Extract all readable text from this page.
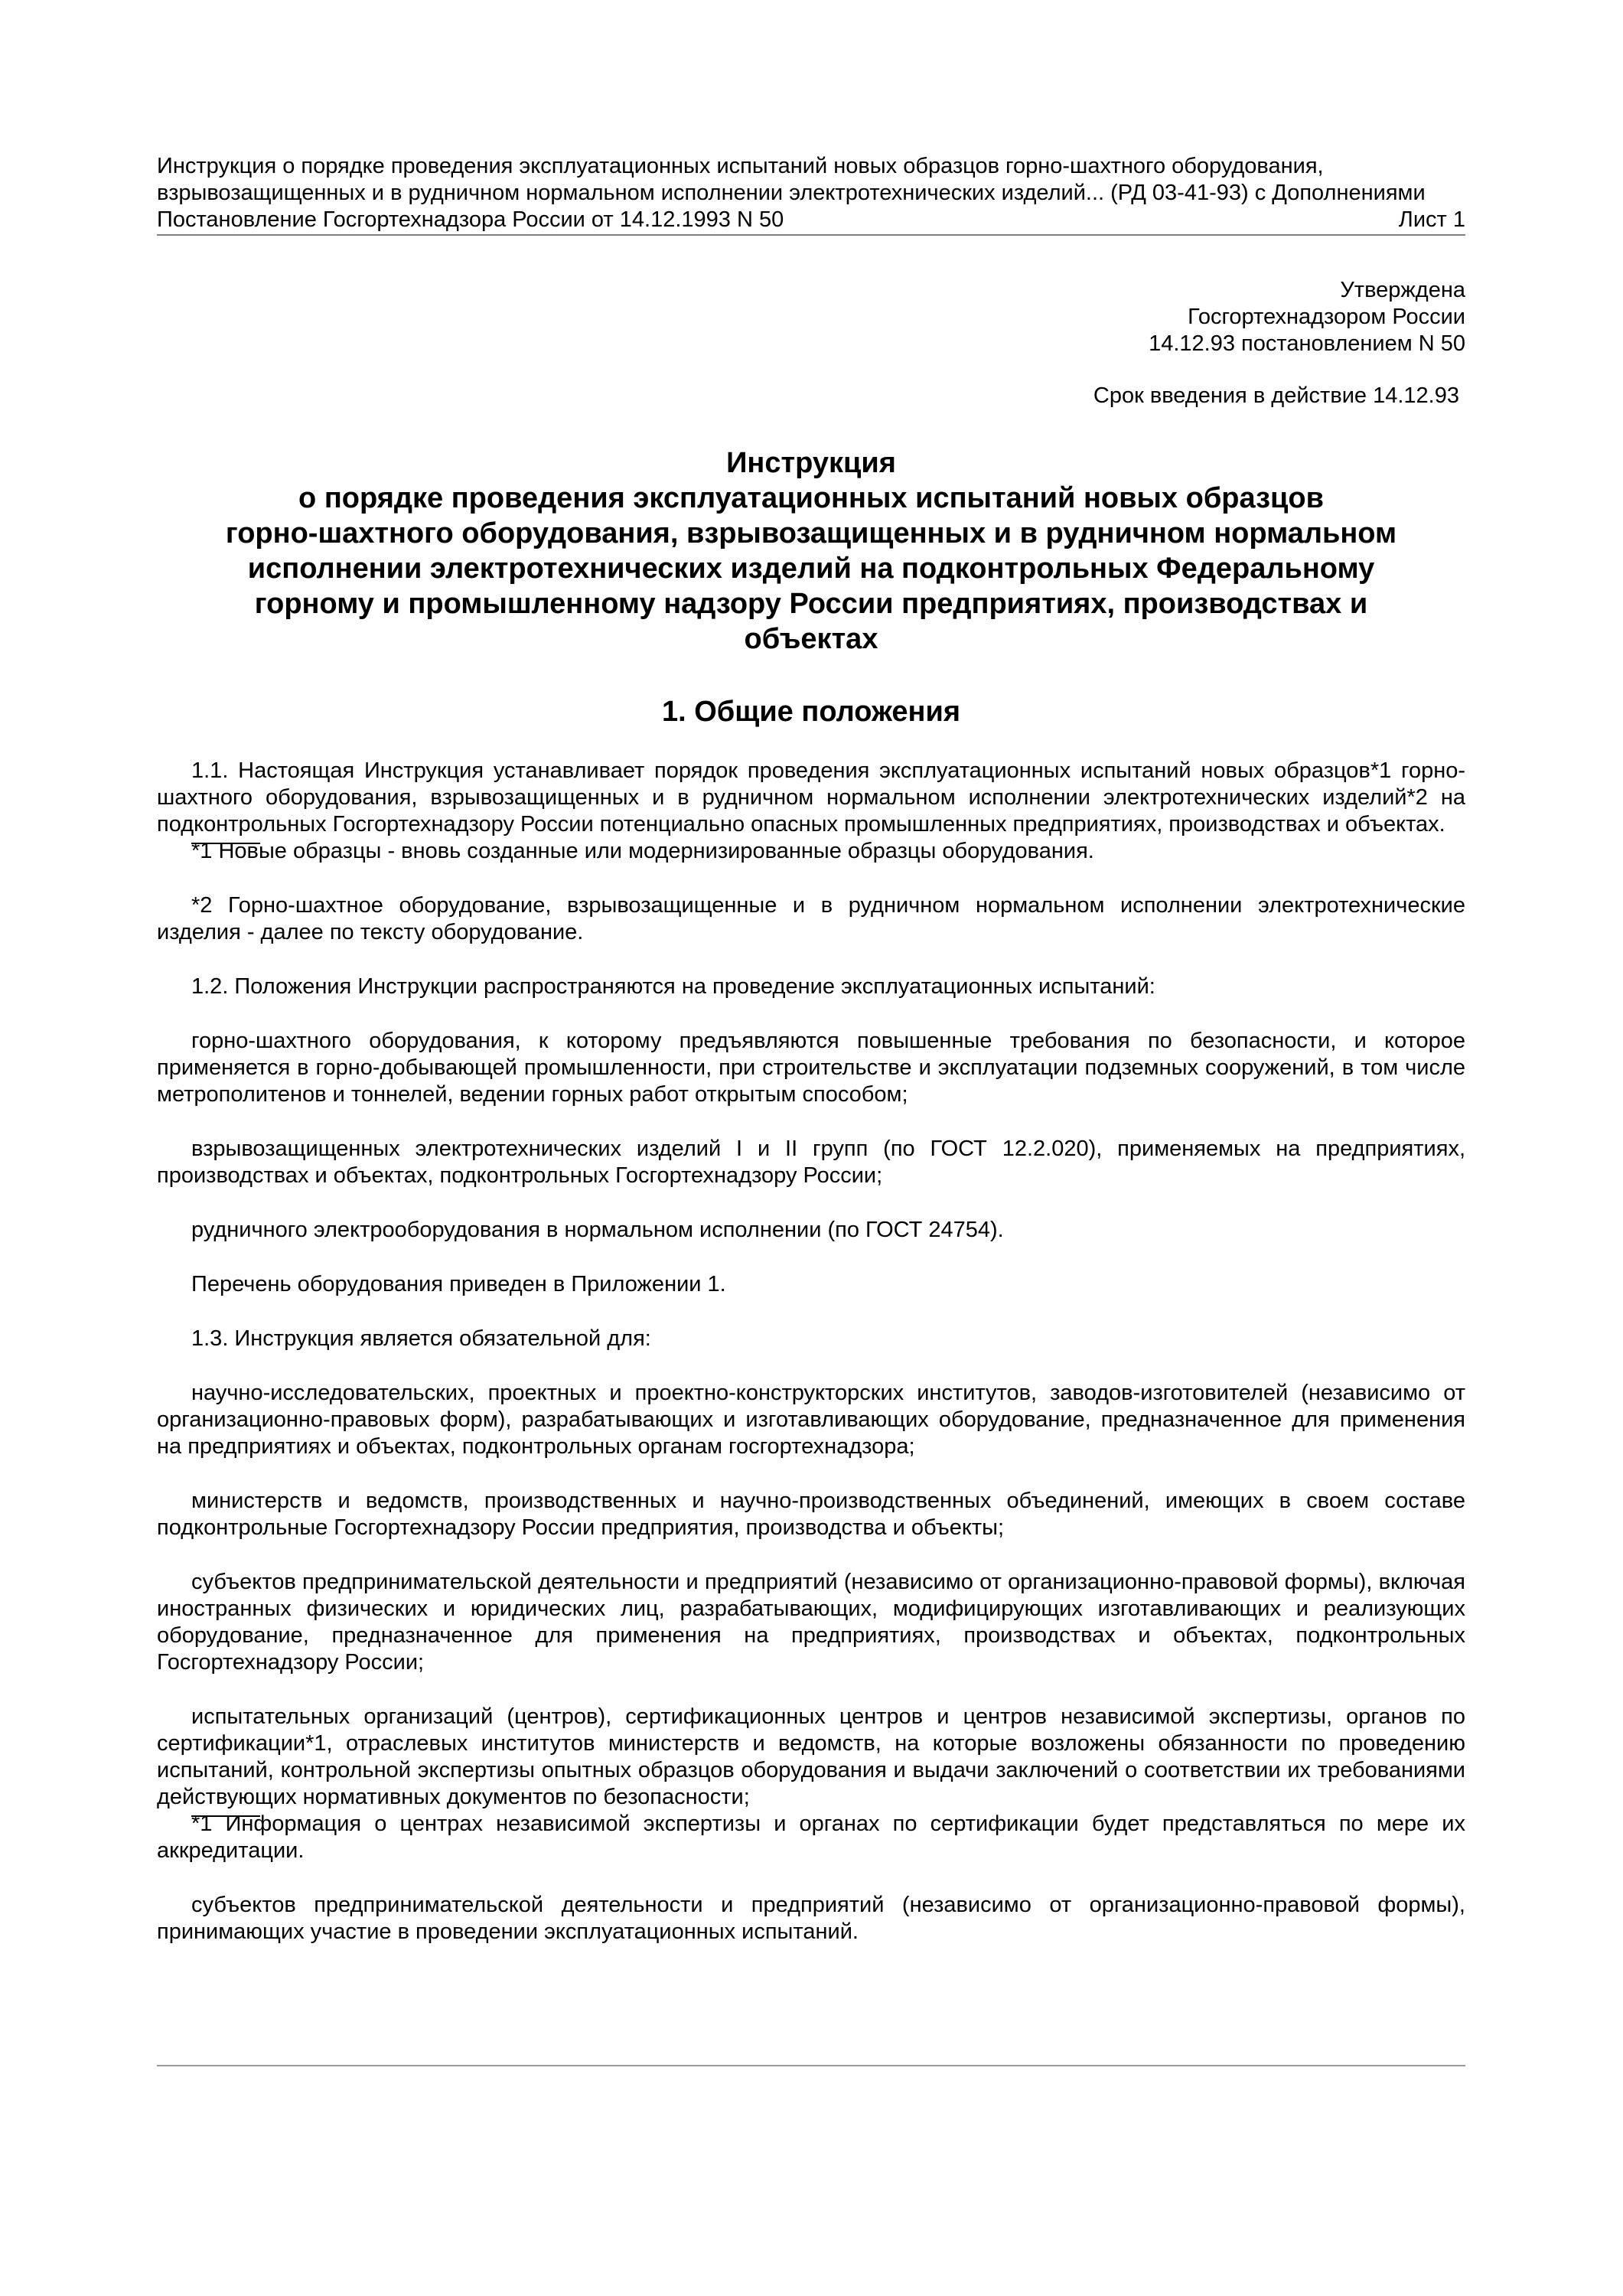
Инструкция о порядке проведения эксплуатационных испытаний новых образцов горно-шахтного оборудования, взрывозащищенных и в рудничном нормальном исполнении электротехнических изделий... (РД 03-41-93) с Дополнениями
Постановление Госгортехнадзора России от 14.12.1993 N 50	Лист 1
Утверждена
Госгортехнадзором России
14.12.93 постановлением N 50
Срок введения в действие 14.12.93
Инструкция
о порядке проведения эксплуатационных испытаний новых образцов
горно-шахтного оборудования, взрывозащищенных и в рудничном нормальном
исполнении электротехнических изделий на подконтрольных Федеральному
горному и промышленному надзору России предприятиях, производствах и
объектах
1. Общие положения

1.1. Настоящая Инструкция устанавливает порядок проведения эксплуатационных испытаний новых образцов*1 горно-шахтного оборудования, взрывозащищенных и в рудничном нормальном исполнении электротехнических изделий*2 на подконтрольных Госгортехнадзору России потенциально опасных промышленных предприятиях, производствах и объектах.

*1 Новые образцы - вновь созданные или модернизированные образцы оборудования.

*2 Горно-шахтное оборудование, взрывозащищенные и в рудничном нормальном исполнении электротехнические изделия - далее по тексту оборудование.

1.2. Положения Инструкции распространяются на проведение эксплуатационных испытаний:

горно-шахтного оборудования, к которому предъявляются повышенные требования по безопасности, и которое применяется в горно-добывающей промышленности, при строительстве и эксплуатации подземных сооружений, в том числе метрополитенов и тоннелей, ведении горных работ открытым способом;

взрывозащищенных электротехнических изделий I и II групп (по ГОСТ 12.2.020), применяемых на предприятиях, производствах и объектах, подконтрольных Госгортехнадзору России;

рудничного электрооборудования в нормальном исполнении (по ГОСТ 24754).

Перечень оборудования приведен в Приложении 1.

1.3. Инструкция является обязательной для:

научно-исследовательских, проектных и проектно-конструкторских институтов, заводов-изготовителей (независимо от организационно-правовых форм), разрабатывающих и изготавливающих оборудование, предназначенное для применения на предприятиях и объектах, подконтрольных органам госгортехнадзора;

министерств и ведомств, производственных и научно-производственных объединений, имеющих в своем составе подконтрольные Госгортехнадзору России предприятия, производства и объекты;

субъектов предпринимательской деятельности и предприятий (независимо от организационно-правовой формы), включая иностранных физических и юридических лиц, разрабатывающих, модифицирующих изготавливающих и реализующих оборудование, предназначенное для применения на предприятиях, производствах и объектах, подконтрольных Госгортехнадзору России;

испытательных организаций (центров), сертификационных центров и центров независимой экспертизы, органов по сертификации*1, отраслевых институтов министерств и ведомств, на которые возложены обязанности по проведению испытаний, контрольной экспертизы опытных образцов оборудования и выдачи заключений о соответствии их требованиями действующих нормативных документов по безопасности;

*1 Информация о центрах независимой экспертизы и органах по сертификации будет представляться по мере их аккредитации.

субъектов предпринимательской деятельности и предприятий (независимо от организационно-правовой формы), принимающих участие в проведении эксплуатационных испытаний.
